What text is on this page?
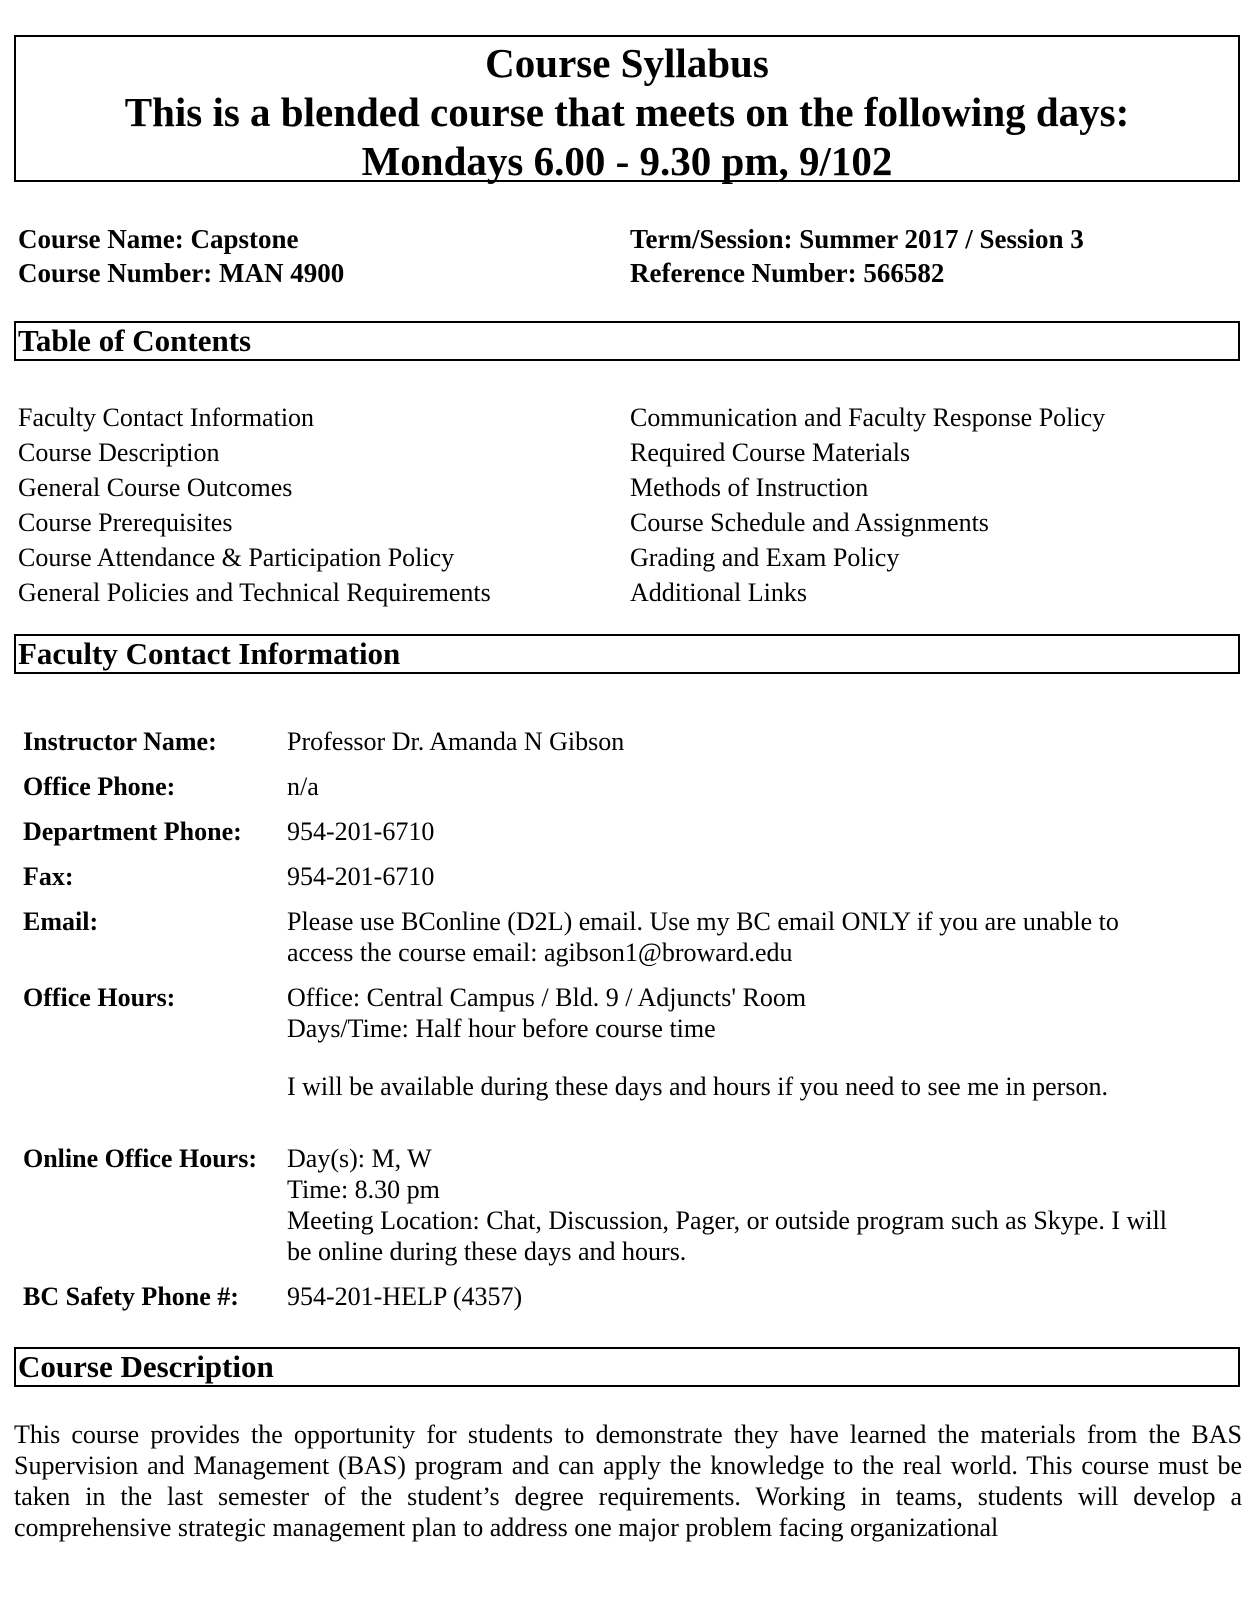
Course Syllabus
This is a blended course that meets on the following days:
Mondays 6.00 - 9.30 pm, 9/102
Course Name: Capstone
Course Number: MAN 4900
Term/Session: Summer 2017 / Session 3
Reference Number: 566582
Table of Contents
Faculty Contact Information
Course Description
General Course Outcomes
Course Prerequisites
Course Attendance & Participation Policy
General Policies and Technical Requirements
Communication and Faculty Response Policy
Required Course Materials
Methods of Instruction
Course Schedule and Assignments
Grading and Exam Policy
Additional Links
Faculty Contact Information
Instructor Name:	Professor Dr. Amanda N Gibson
Office Phone:	n/a
Department Phone:	954-201-6710
Fax:	954-201-6710
Email:	Please use BConline (D2L) email. Use my BC email ONLY if you are unable to
access the course email: agibson1@broward.edu
Office Hours:	Office: Central Campus / Bld. 9 / Adjuncts' Room
Days/Time: Half hour before course time
I will be available during these days and hours if you need to see me in person.
Online Office Hours:	Day(s): M, W
Time: 8.30 pm
Meeting Location: Chat, Discussion, Pager, or outside program such as Skype. I will
be online during these days and hours.
BC Safety Phone #:	954-201-HELP (4357)
Course Description
This course provides the opportunity for students to demonstrate they have learned the materials from the BAS Supervision and Management (BAS) program and can apply the knowledge to the real world. This course must be taken in the last semester of the student’s degree requirements. Working in teams, students will develop a comprehensive strategic management plan to address one major problem facing organizational
